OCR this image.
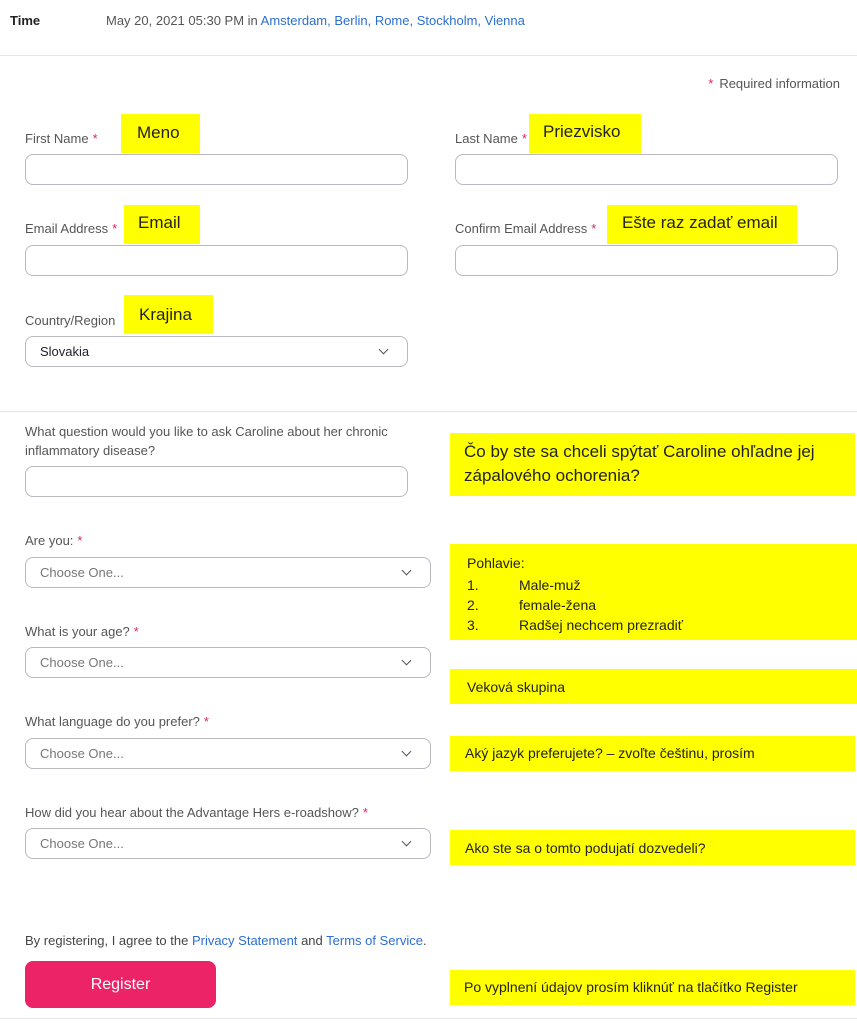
Time	May 20, 2021 05:30 PM in Amsterdam, Berlin, Rome, Stockholm, Vienna
* Required information
First Name *	Meno	Last Name * Priezvisko
Email Address *	Email	Confirm Email Address *	Ešte raz zadať email
Country/Region
Slovakia
Krajina
What question would you like to ask Caroline about her chronic inflammatory disease?	Čo by ste sa chceli spýtať Caroline ohľadne jej zápalového ochorenia?
Are you: *
Choose One...
Pohlavie:
1.	Male-muž
2.	female-žena
3.	Radšej nechcem prezradiť
What is your age? *
Choose One...
Veková skupina
What language do you prefer? *
Choose One...	Aký jazyk preferujete? – zvoľte češtinu, prosím
How did you hear about the Advantage Hers e-roadshow? *
Choose One...	Ako ste sa o tomto podujatí dozvedeli?
By registering, I agree to the Privacy Statement and Terms of Service.
Register	Po vyplnení údajov prosím kliknúť na tlačítko Register
